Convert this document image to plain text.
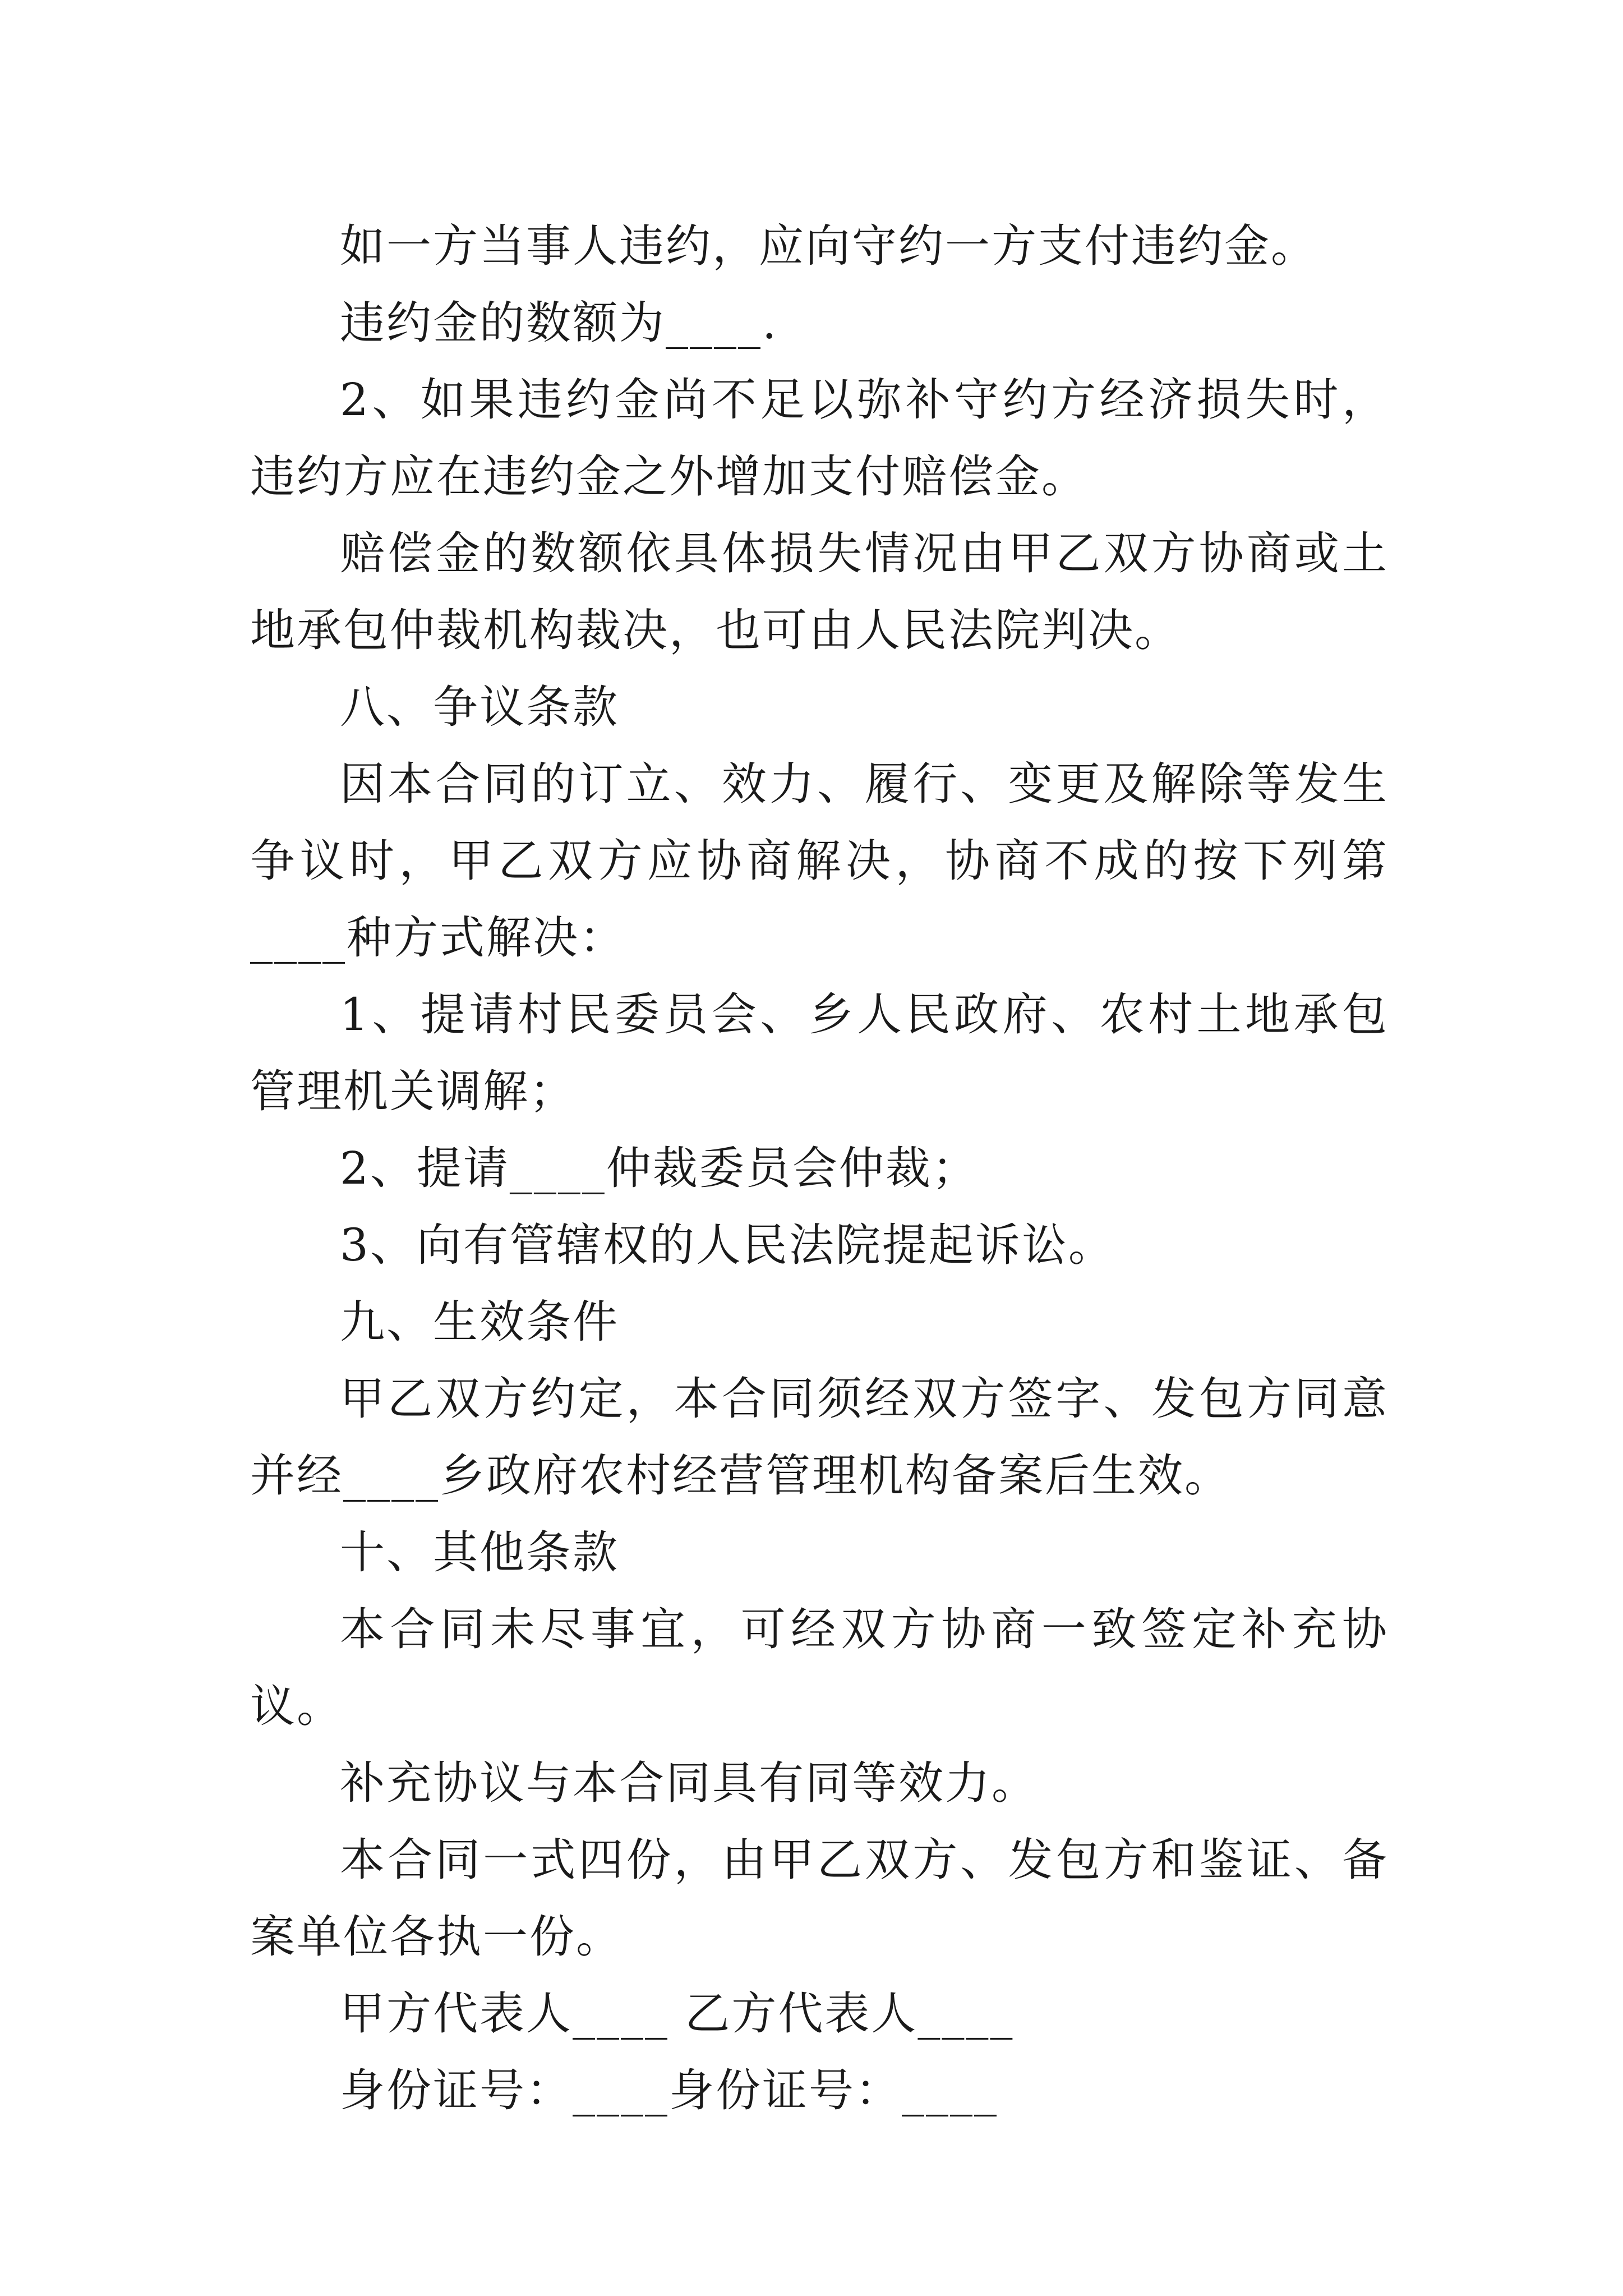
如一方当事人违约，应向守约一方支付违约金。

违约金的数额为____.

2、如果违约金尚不足以弥补守约方经济损失时，违约方应在违约金之外增加支付赔偿金。

赔偿金的数额依具体损失情况由甲乙双方协商或土地承包仲裁机构裁决，也可由人民法院判决。

八、争议条款

因本合同的订立、效力、履行、变更及解除等发生争议时，甲乙双方应协商解决，协商不成的按下列第____种方式解决：

1、提请村民委员会、乡人民政府、农村土地承包管理机关调解；

2、提请____仲裁委员会仲裁；

3、向有管辖权的人民法院提起诉讼。

九、生效条件

甲乙双方约定，本合同须经双方签字、发包方同意并经____乡政府农村经营管理机构备案后生效。

十、其他条款

本合同未尽事宜，可经双方协商一致签定补充协议。

补充协议与本合同具有同等效力。

本合同一式四份，由甲乙双方、发包方和鉴证、备案单位各执一份。

甲方代表人____ 乙方代表人____

身份证号：____身份证号：____
